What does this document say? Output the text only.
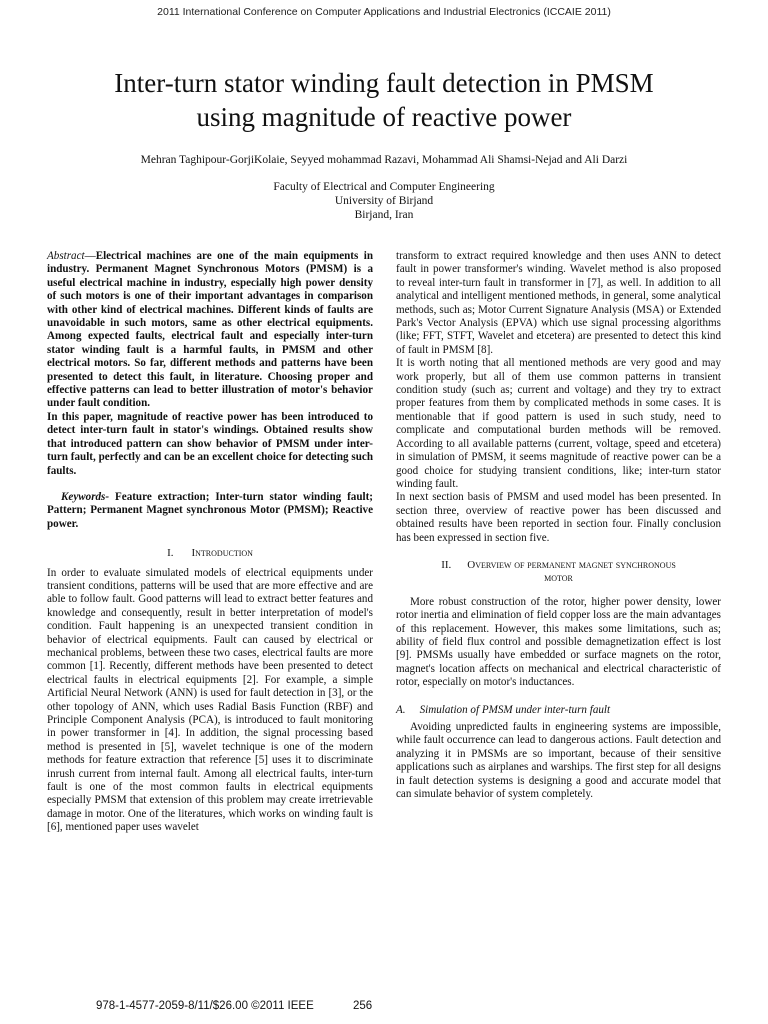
2011 International Conference on Computer Applications and Industrial Electronics (ICCAIE 2011)
Inter-turn stator winding fault detection in PMSM
using magnitude of reactive power
Mehran Taghipour-GorjiKolaie, Seyyed mohammad Razavi, Mohammad Ali Shamsi-Nejad and Ali Darzi
Faculty of Electrical and Computer Engineering
University of Birjand
Birjand, Iran

Abstract—Electrical machines are one of the main equipments in industry. Permanent Magnet Synchronous Motors (PMSM) is a useful electrical machine in industry, especially high power density of such motors is one of their important advantages in comparison with other kind of electrical machines. Different kinds of faults are unavoidable in such motors, same as other electrical equipments. Among expected faults, electrical fault and especially inter-turn stator winding fault is a harmful faults, in PMSM and other electrical motors. So far, different methods and patterns have been presented to detect this fault, in literature. Choosing proper and effective patterns can lead to better illustration of motor's behavior under fault condition.

In this paper, magnitude of reactive power has been introduced to detect inter-turn fault in stator's windings. Obtained results show that introduced pattern can show behavior of PMSM under inter-turn fault, perfectly and can be an excellent choice for detecting such faults.

Keywords- Feature extraction; Inter-turn stator winding fault; Pattern; Permanent Magnet synchronous Motor (PMSM); Reactive power.

I. Introduction

In order to evaluate simulated models of electrical equipments under transient conditions, patterns will be used that are more effective and are able to follow fault. Good patterns will lead to extract better features and knowledge and consequently, result in better interpretation of model's condition. Fault happening is an unexpected transient condition in behavior of electrical equipments. Fault can caused by electrical or mechanical problems, between these two cases, electrical faults are more common [1]. Recently, different methods have been presented to detect electrical faults in electrical equipments [2]. For example, a simple Artificial Neural Network (ANN) is used for fault detection in [3], or the other topology of ANN, which uses Radial Basis Function (RBF) and Principle Component Analysis (PCA), is introduced to fault monitoring in power transformer in [4]. In addition, the signal processing based method is presented in [5], wavelet technique is one of the modern methods for feature extraction that reference [5] uses it to discriminate inrush current from internal fault. Among all electrical faults, inter-turn fault is one of the most common faults in electrical equipments especially PMSM that extension of this problem may create irretrievable damage in motor. One of the literatures, which works on winding fault is [6], mentioned paper uses wavelet

transform to extract required knowledge and then uses ANN to detect fault in power transformer's winding. Wavelet method is also proposed to reveal inter-turn fault in transformer in [7], as well. In addition to all analytical and intelligent mentioned methods, in general, some analytical methods, such as; Motor Current Signature Analysis (MSA) or Extended Park's Vector Analysis (EPVA) which use signal processing algorithms (like; FFT, STFT, Wavelet and etcetera) are presented to detect this kind of fault in PMSM [8].

It is worth noting that all mentioned methods are very good and may work properly, but all of them use common patterns in transient condition study (such as; current and voltage) and they try to extract proper features from them by complicated methods in some cases. It is mentionable that if good pattern is used in such study, need to complicate and computational burden methods will be removed. According to all available patterns (current, voltage, speed and etcetera) in simulation of PMSM, it seems magnitude of reactive power can be a good choice for studying transient conditions, like; inter-turn stator winding fault.

In next section basis of PMSM and used model has been presented. In section three, overview of reactive power has been discussed and obtained results have been reported in section four. Finally conclusion has been expressed in section five.

II. Overview of permanent magnet synchronous

motor

More robust construction of the rotor, higher power density, lower rotor inertia and elimination of field copper loss are the main advantages of this replacement. However, this makes some limitations, such as; ability of field flux control and possible demagnetization effect is lost [9]. PMSMs usually have embedded or surface magnets on the rotor, magnet's location affects on mechanical and electrical characteristic of rotor, especially on motor's inductances.

A. Simulation of PMSM under inter-turn fault

Avoiding unpredicted faults in engineering systems are impossible, while fault occurrence can lead to dangerous actions. Fault detection and analyzing it in PMSMs are so important, because of their sensitive applications such as airplanes and warships. The first step for all designs in fault detection systems is designing a good and accurate model that can simulate behavior of system completely.

978-1-4577-2059-8/11/$26.00 ©2011 IEEE	256
